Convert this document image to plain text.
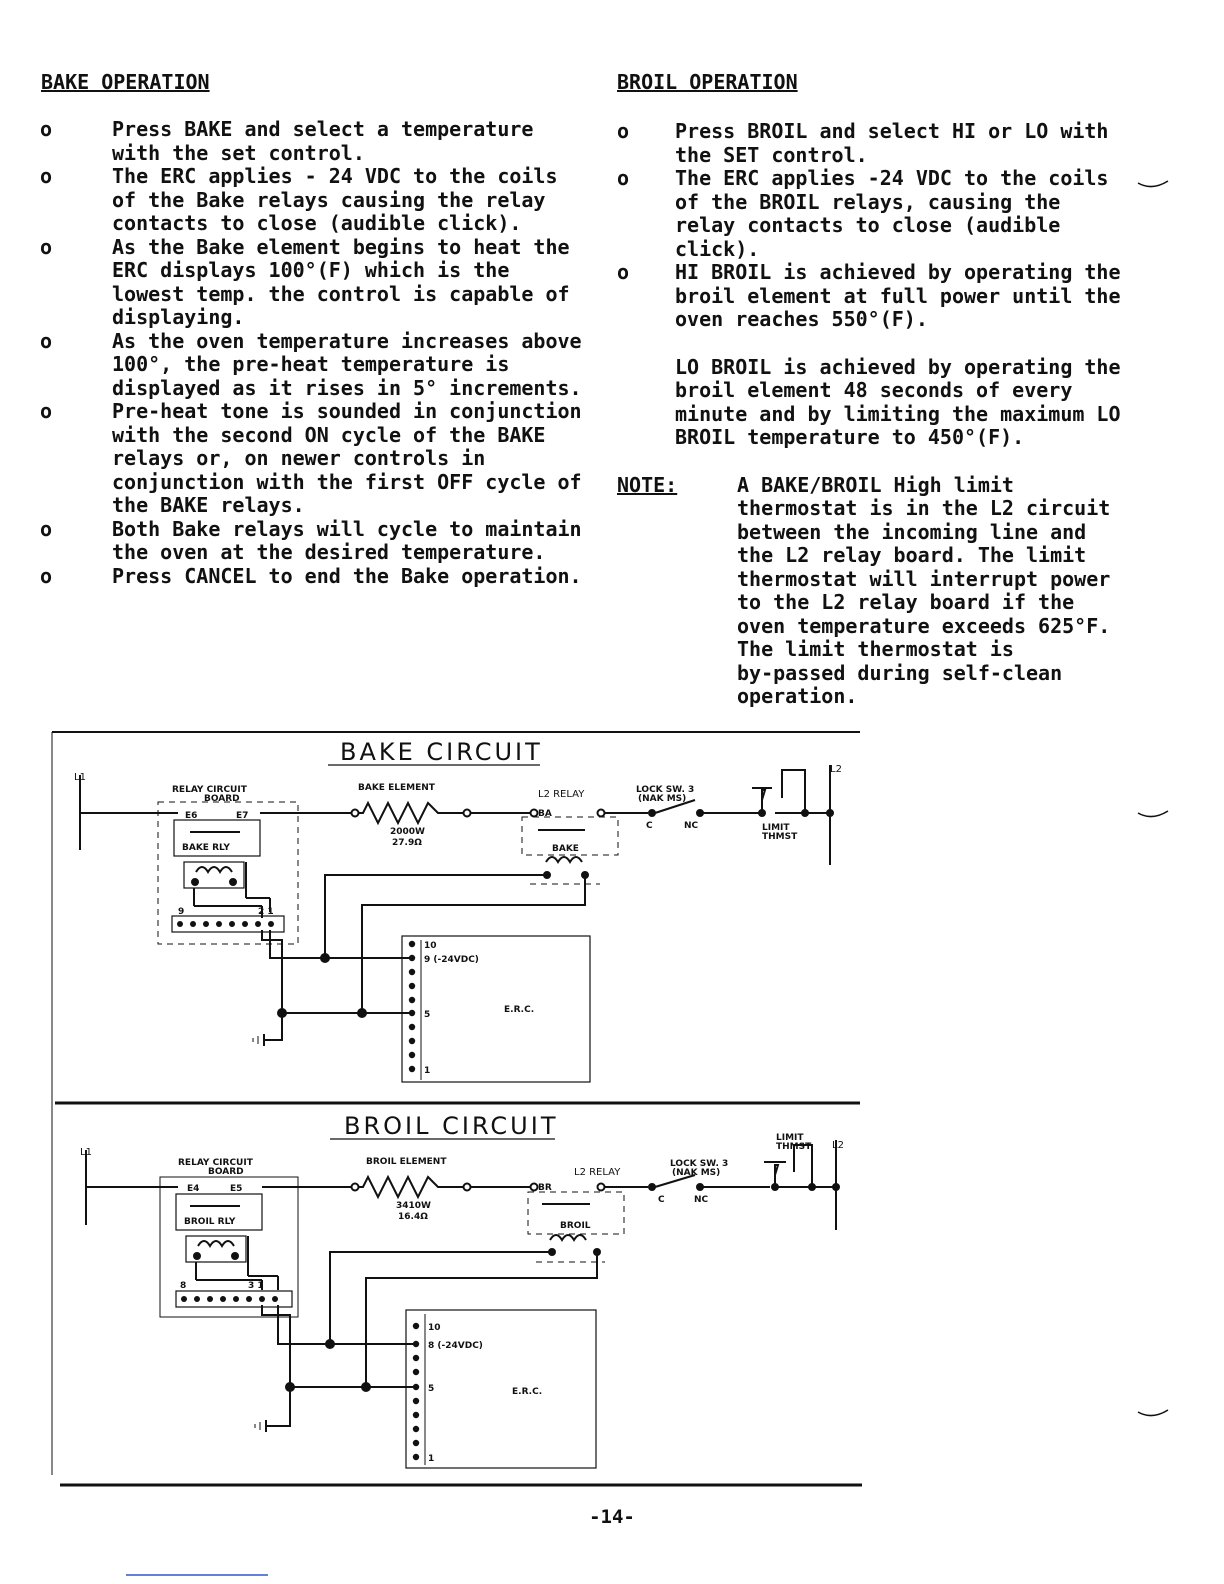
BAKE OPERATION	BROIL OPERATION
o	Press BAKE and select a temperature
with the set control.
o	The ERC applies - 24 VDC to the coils
of the Bake relays causing the relay
contacts to close (audible click).
o	As the Bake element begins to heat the
ERC displays 100°(F) which is the
lowest temp. the control is capable of
displaying.
o	As the oven temperature increases above
100°, the pre-heat temperature is
displayed as it rises in 5° increments.
o	Pre-heat tone is sounded in conjunction
with the second ON cycle of the BAKE
relays or, on newer controls in
conjunction with the first OFF cycle of
the BAKE relays.
o	Both Bake relays will cycle to maintain
the oven at the desired temperature.
o	Press CANCEL to end the Bake operation.
o Press BROIL and select HI or LO with
the SET control.
o The ERC applies -24 VDC to the coils
of the BROIL relays, causing the
relay contacts to close (audible
click).
o HI BROIL is achieved by operating the
broil element at full power until the
oven reaches 550°(F).

LO BROIL is achieved by operating the
broil element 48 seconds of every
minute and by limiting the maximum LO
BROIL temperature to 450°(F).

NOTE:	A BAKE/BROIL High limit
thermostat is in the L2 circuit
between the incoming line and
the L2 relay board. The limit
thermostat will interrupt power
to the L2 relay board if the
oven temperature exceeds 625°F.
The limit thermostat is
by-passed during self-clean
operation.
BAKE CIRCUIT
L1
L2
RELAY CIRCUIT
BOARD
E6	E7
BAKE RLY
9	2 1
BAKE ELEMENT
2000W
27.9Ω
L2 RELAY
BA
BAKE
LOCK SW. 3
(NAK MS)
C	NC	LIMIT
THMST
10
9 (-24VDC)
5
1
E.R.C.
BROIL CIRCUIT
L1
L2
RELAY CIRCUIT
BOARD
E4	E5
BROIL RLY
8	3 1
BROIL ELEMENT
3410W
16.4Ω
L2 RELAY
BR
BROIL
LOCK SW. 3
(NAK MS)
C	NC
LIMIT
THMST
10
8 (-24VDC)
5
1
E.R.C.
-14-
